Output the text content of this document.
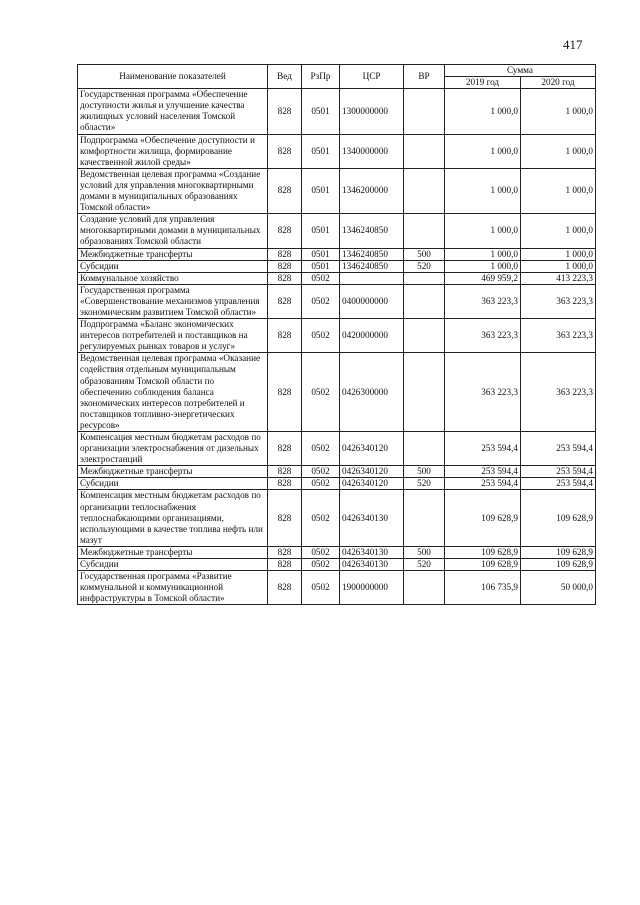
417
Наименование показателей	Вед	РзПр	ЦСР	ВР	Сумма	
					2019 год	2020 год
Государственная программа «Обеспечение доступности жилья и улучшение качества жилищных условий населения Томской области»	828	0501	1300000000		1 000,0	1 000,0
Подпрограмма «Обеспечение доступности и комфортности жилища, формирование качественной жилой среды»	828	0501	1340000000		1 000,0	1 000,0
Ведомственная целевая программа «Создание условий для управления многоквартирными домами в муниципальных образованиях Томской области»	828	0501	1346200000		1 000,0	1 000,0
Создание условий для управления многоквартирными домами в муниципальных образованиях Томской области	828	0501	1346240850		1 000,0	1 000,0
Межбюджетные трансферты	828	0501	1346240850	500	1 000,0	1 000,0
Субсидии	828	0501	1346240850	520	1 000,0	1 000,0
Коммунальное хозяйство	828	0502			469 959,2	413 223,3
Государственная программа «Совершенствование механизмов управления экономическим развитием Томской области»	828	0502	0400000000		363 223,3	363 223,3
Подпрограмма «Баланс экономических интересов потребителей и поставщиков на регулируемых рынках товаров и услуг»	828	0502	0420000000		363 223,3	363 223,3
Ведомственная целевая программа «Оказание содействия отдельным муниципальным образованиям Томской области по обеспечению соблюдения баланса экономических интересов потребителей и поставщиков топливно-энергетических ресурсов»	828	0502	0426300000		363 223,3	363 223,3
Компенсация местным бюджетам расходов по организации электроснабжения от дизельных электростанций	828	0502	0426340120		253 594,4	253 594,4
Межбюджетные трансферты	828	0502	0426340120	500	253 594,4	253 594,4
Субсидии	828	0502	0426340120	520	253 594,4	253 594,4
Компенсация местным бюджетам расходов по организации теплоснабжения теплоснабжающими организациями, использующими в качестве топлива нефть или мазут	828	0502	0426340130		109 628,9	109 628,9
Межбюджетные трансферты	828	0502	0426340130	500	109 628,9	109 628,9
Субсидии	828	0502	0426340130	520	109 628,9	109 628,9
Государственная программа «Развитие коммунальной и коммуникационной инфраструктуры в Томской области»	828	0502	1900000000		106 735,9	50 000,0
